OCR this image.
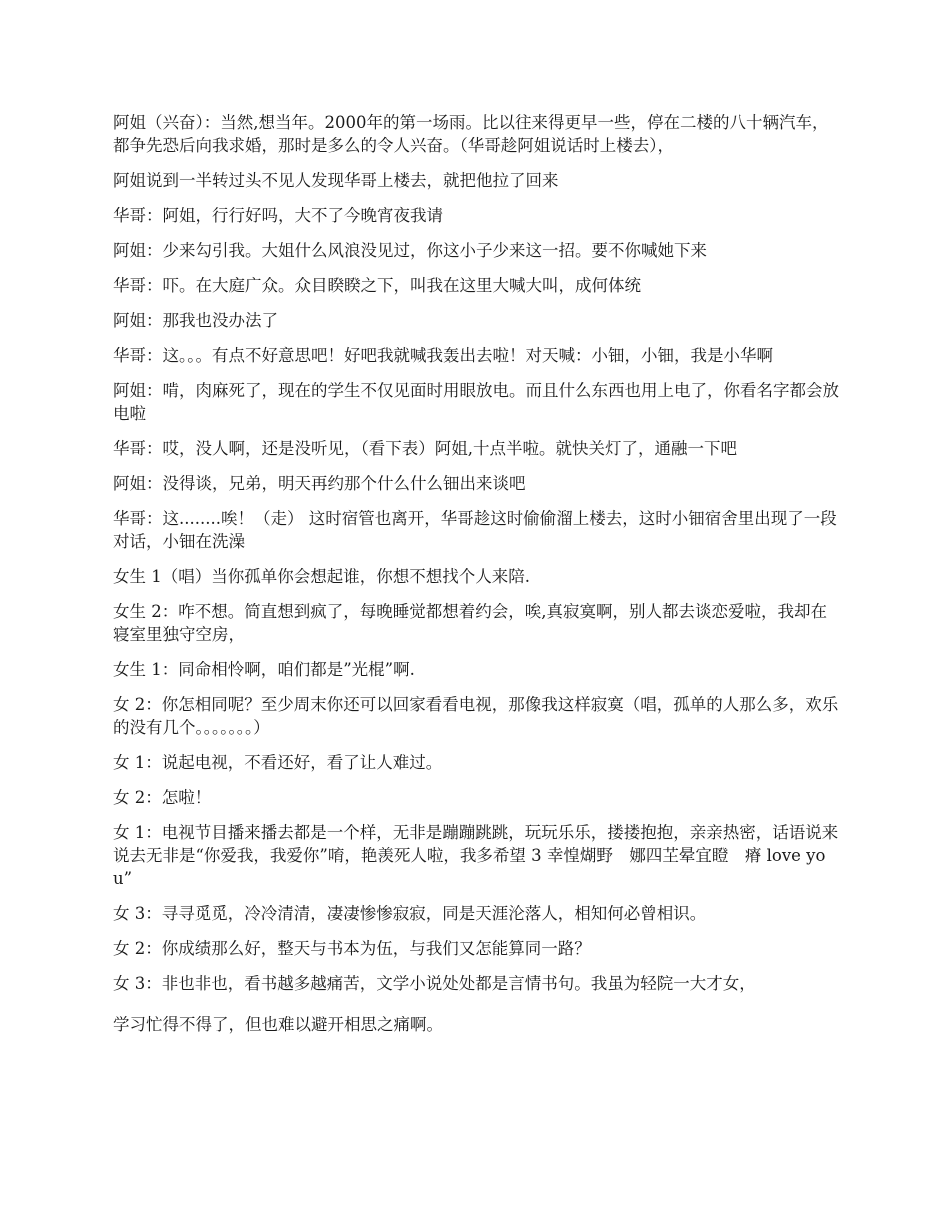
阿姐（兴奋）：当然,想当年。2000年的第一场雨。比以往来得更早一些，停在二楼的八十辆汽车，都争先恐后向我求婚，那时是多么的令人兴奋。（华哥趁阿姐说话时上楼去），

阿姐说到一半转过头不见人发现华哥上楼去，就把他拉了回来

华哥：阿姐，行行好吗，大不了今晚宵夜我请

阿姐：少来勾引我。大姐什么风浪没见过，你这小子少来这一招。要不你喊她下来

华哥：吓。在大庭广众。众目睽睽之下，叫我在这里大喊大叫，成何体统

阿姐：那我也没办法了

华哥：这。。。有点不好意思吧！好吧我就喊我轰出去啦！对天喊：小钿，小钿，我是小华啊

阿姐：啃，肉麻死了，现在的学生不仅见面时用眼放电。而且什么东西也用上电了，你看名字都会放电啦

华哥：哎，没人啊，还是没听见，（看下表）阿姐,十点半啦。就快关灯了，通融一下吧

阿姐：没得谈，兄弟，明天再约那个什么什么钿出来谈吧

华哥：这........唉！（走） 这时宿管也离开，华哥趁这时偷偷溜上楼去，这时小钿宿舍里出现了一段对话，小钿在洗澡

女生 1（唱）当你孤单你会想起谁，你想不想找个人来陪.

女生 2：咋不想。简直想到疯了，每晚睡觉都想着约会，唉,真寂寞啊，别人都去谈恋爱啦，我却在寝室里独守空房，

女生 1：同命相怜啊，咱们都是”光棍”啊.

女 2：你怎相同呢？至少周末你还可以回家看看电视，那像我这样寂寞（唱，孤单的人那么多，欢乐的没有几个。。。。。。。）

女 1：说起电视，不看还好，看了让人难过。

女 2：怎啦！

女 1：电视节目播来播去都是一个样，无非是蹦蹦跳跳，玩玩乐乐，搂搂抱抱，亲亲热密，话语说来说去无非是“你爱我，我爱你”唷，艳羡死人啦，我多希望 3 幸惶煳野　娜四芏晕宜瞪　瘠 love you”

女 3：寻寻觅觅，冷冷清清，凄凄惨惨寂寂，同是天涯沦落人，相知何必曾相识。

女 2：你成绩那么好，整天与书本为伍，与我们又怎能算同一路？

女 3：非也非也，看书越多越痛苦，文学小说处处都是言情书句。我虽为轻院一大才女，

学习忙得不得了，但也难以避开相思之痛啊。
